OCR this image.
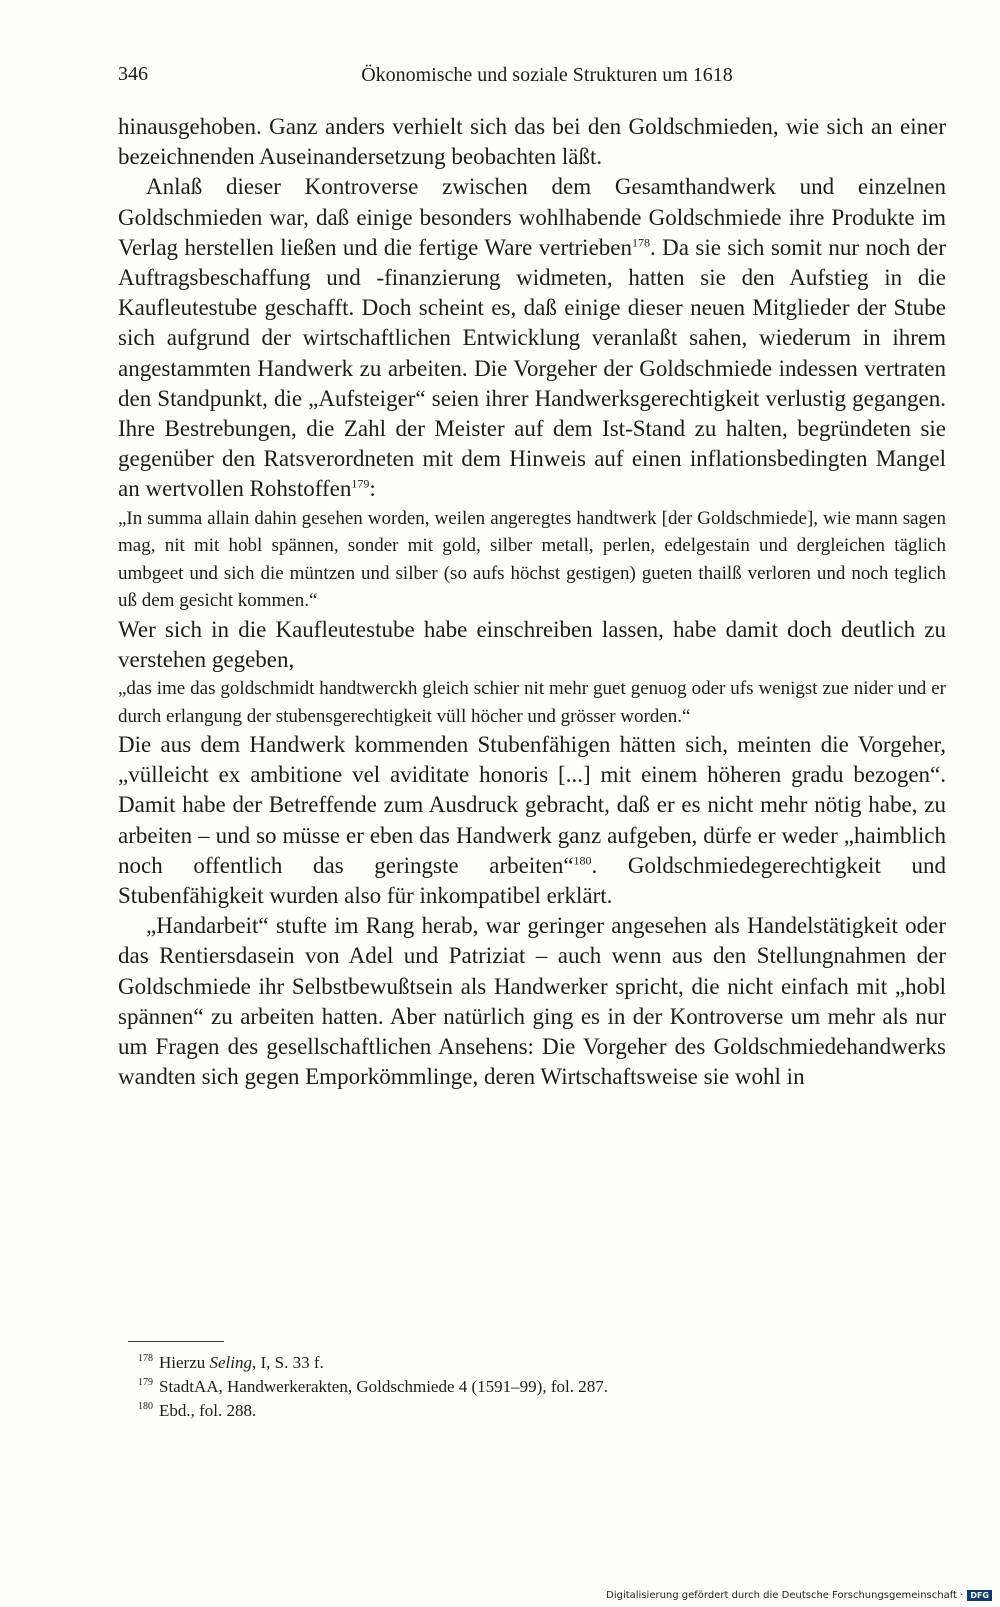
346	Ökonomische und soziale Strukturen um 1618

hinausgehoben. Ganz anders verhielt sich das bei den Goldschmieden, wie sich an einer bezeichnenden Auseinandersetzung beobachten läßt.

Anlaß dieser Kontroverse zwischen dem Gesamthandwerk und einzelnen Goldschmieden war, daß einige besonders wohlhabende Goldschmiede ihre Produkte im Verlag herstellen ließen und die fertige Ware vertrieben$^{178}$. Da sie sich somit nur noch der Auftragsbeschaffung und -finanzierung widmeten, hatten sie den Aufstieg in die Kaufleutestube geschafft. Doch scheint es, daß einige dieser neuen Mitglieder der Stube sich aufgrund der wirtschaftlichen Entwicklung veranlaßt sahen, wiederum in ihrem angestammten Handwerk zu arbeiten. Die Vorgeher der Goldschmiede indessen vertraten den Standpunkt, die „Aufsteiger“ seien ihrer Handwerksgerechtigkeit verlustig gegangen. Ihre Bestrebungen, die Zahl der Meister auf dem Ist-Stand zu halten, begründeten sie gegenüber den Ratsverordneten mit dem Hinweis auf einen inflationsbedingten Mangel an wertvollen Rohstoffen$^{179}$:

„In summa allain dahin gesehen worden, weilen angeregtes handtwerk [der Goldschmiede], wie mann sagen mag, nit mit hobl spännen, sonder mit gold, silber metall, perlen, edelgestain und dergleichen täglich umbgeet und sich die müntzen und silber (so aufs höchst gestigen) gueten thailß verloren und noch teglich uß dem gesicht kommen.“

Wer sich in die Kaufleutestube habe einschreiben lassen, habe damit doch deutlich zu verstehen gegeben,

„das ime das goldschmidt handtwerckh gleich schier nit mehr guet genuog oder ufs wenigst zue nider und er durch erlangung der stubensgerechtigkeit vüll höcher und grösser worden.“

Die aus dem Handwerk kommenden Stubenfähigen hätten sich, meinten die Vorgeher, „vülleicht ex ambitione vel aviditate honoris [...] mit einem höheren gradu bezogen“. Damit habe der Betreffende zum Ausdruck gebracht, daß er es nicht mehr nötig habe, zu arbeiten – und so müsse er eben das Handwerk ganz aufgeben, dürfe er weder „haimblich noch offentlich das geringste arbeiten“$^{180}$. Goldschmiedegerechtigkeit und Stubenfähigkeit wurden also für inkompatibel erklärt.

„Handarbeit“ stufte im Rang herab, war geringer angesehen als Handelstätigkeit oder das Rentiersdasein von Adel und Patriziat – auch wenn aus den Stellungnahmen der Goldschmiede ihr Selbstbewußtsein als Handwerker spricht, die nicht einfach mit „hobl spännen“ zu arbeiten hatten. Aber natürlich ging es in der Kontroverse um mehr als nur um Fragen des gesellschaftlichen Ansehens: Die Vorgeher des Goldschmiedehandwerks wandten sich gegen Emporkömmlinge, deren Wirtschaftsweise sie wohl in

$^{178}$ Hierzu Seling, I, S. 33 f.
$^{179}$ StadtAA, Handwerkerakten, Goldschmiede 4 (1591–99), fol. 287.
$^{180}$ Ebd., fol. 288.
Digitalisierung gefördert durch die Deutsche Forschungsgemeinschaft · DFG
